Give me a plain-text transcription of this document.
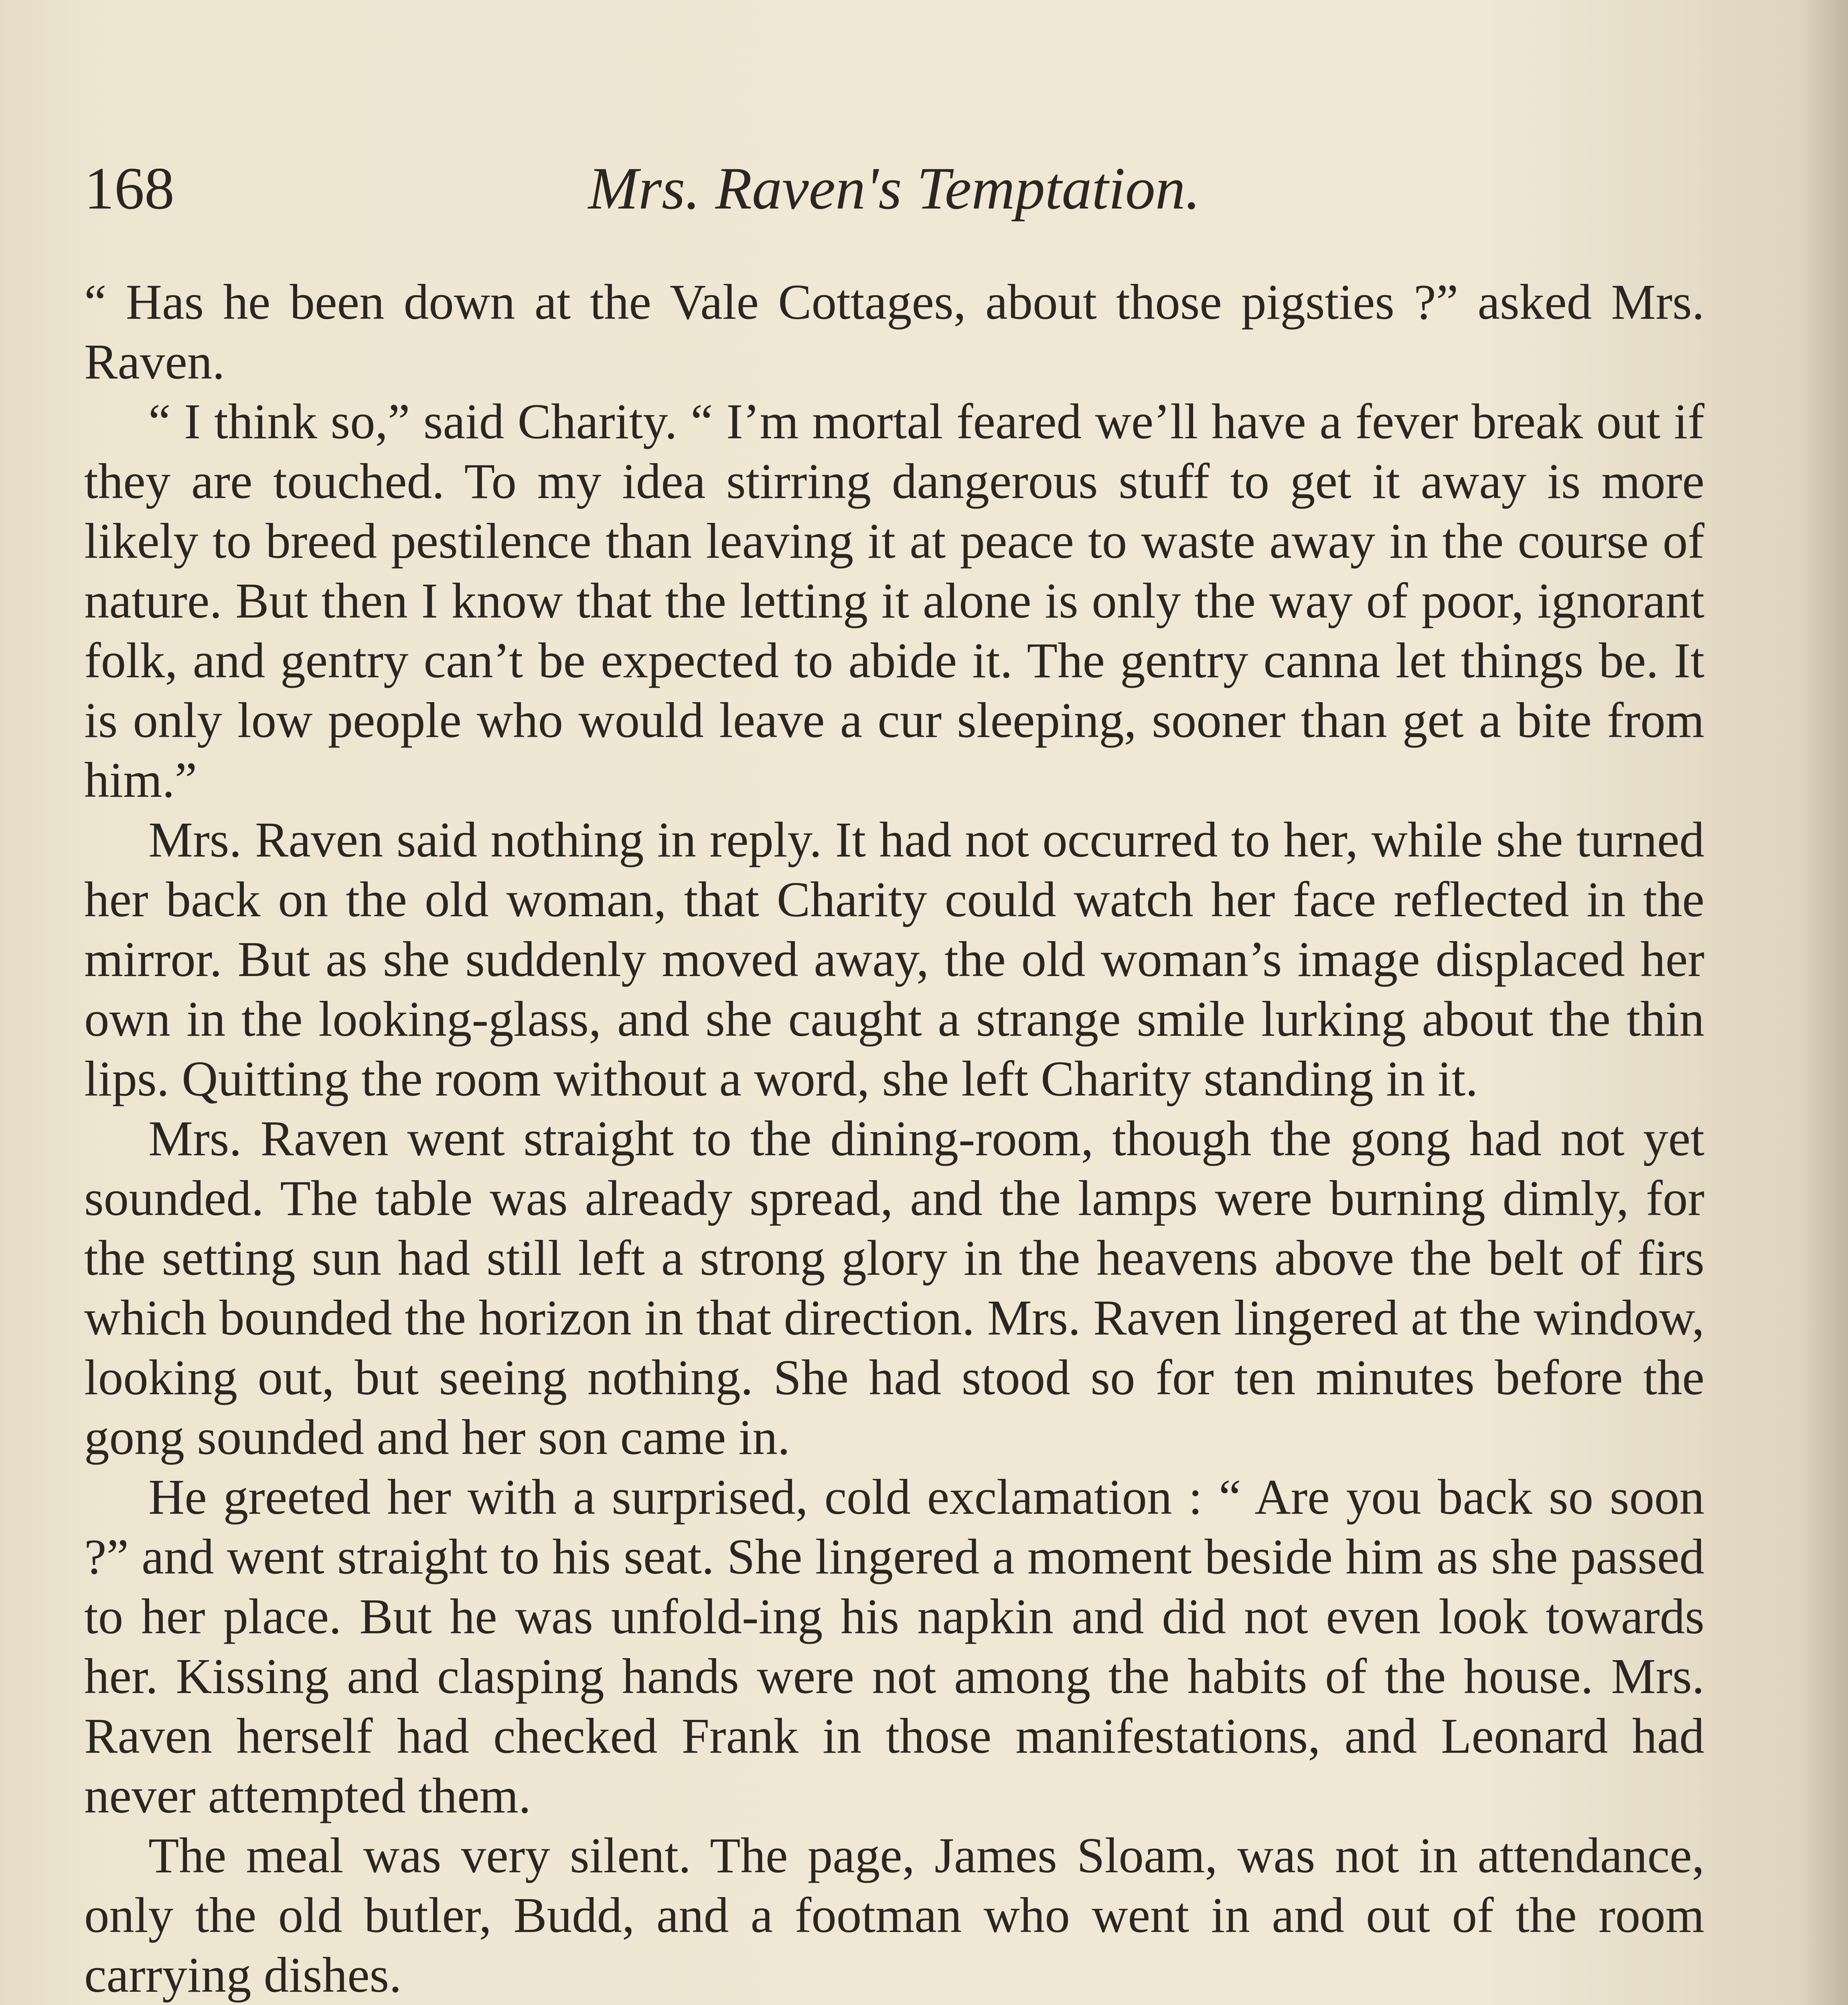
168	Mrs. Raven's Temptation.

“ Has he been down at the Vale Cottages, about those pigsties ?” asked Mrs. Raven.

“ I think so,” said Charity. “ I’m mortal feared we’ll have a fever break out if they are touched. To my idea stirring dangerous stuff to get it away is more likely to breed pestilence than leaving it at peace to waste away in the course of nature. But then I know that the letting it alone is only the way of poor, ignorant folk, and gentry can’t be expected to abide it. The gentry canna let things be. It is only low people who would leave a cur sleeping, sooner than get a bite from him.”

Mrs. Raven said nothing in reply. It had not occurred to her, while she turned her back on the old woman, that Charity could watch her face reflected in the mirror. But as she suddenly moved away, the old woman’s image displaced her own in the looking-glass, and she caught a strange smile lurking about the thin lips. Quitting the room without a word, she left Charity standing in it.

Mrs. Raven went straight to the dining-room, though the gong had not yet sounded. The table was already spread, and the lamps were burning dimly, for the setting sun had still left a strong glory in the heavens above the belt of firs which bounded the horizon in that direction. Mrs. Raven lingered at the window, looking out, but seeing nothing. She had stood so for ten minutes before the gong sounded and her son came in.

He greeted her with a surprised, cold exclamation : “ Are you back so soon ?” and went straight to his seat. She lingered a moment beside him as she passed to her place. But he was unfold-ing his napkin and did not even look towards her. Kissing and clasping hands were not among the habits of the house. Mrs. Raven herself had checked Frank in those manifestations, and Leonard had never attempted them.

The meal was very silent. The page, James Sloam, was not in attendance, only the old butler, Budd, and a footman who went in and out of the room carrying dishes.
